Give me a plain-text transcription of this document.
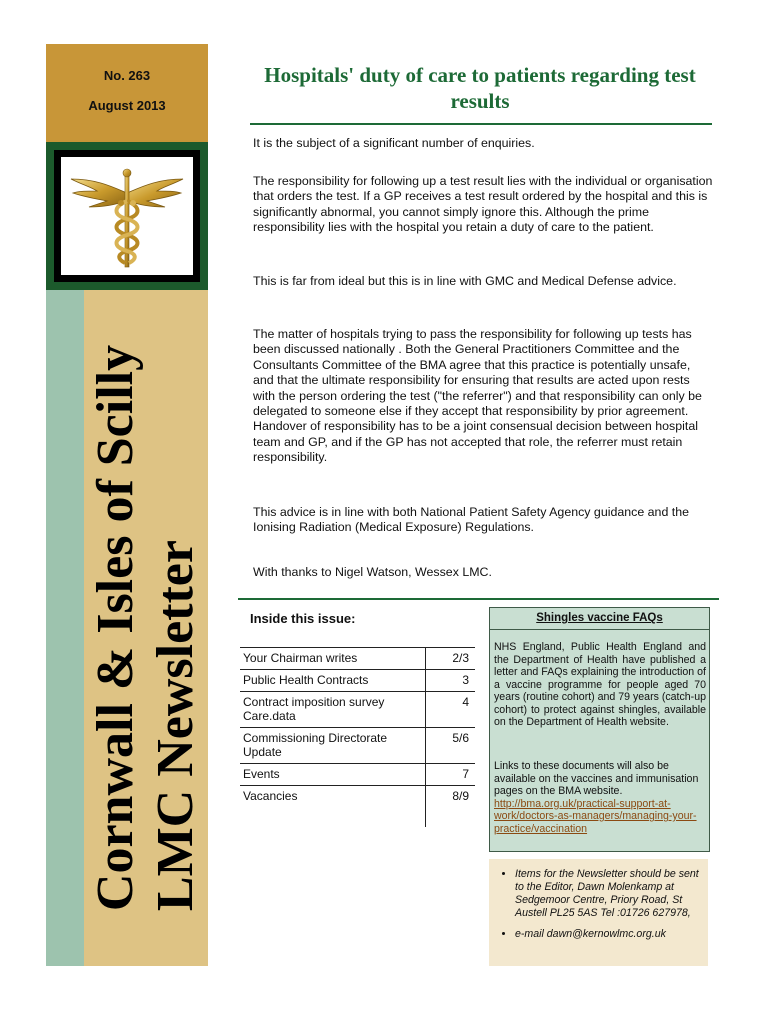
No. 263
August 2013
Cornwall & Isles of Scilly LMC Newsletter
Hospitals' duty of care to patients regarding test results

It is the subject of a significant number of enquiries.

The responsibility for following up a test result lies with the individual or organisation that orders the test. If a GP receives a test result ordered by the hospital and this is significantly abnormal, you cannot simply ignore this. Although the prime responsibility lies with the hospital you retain a duty of care to the patient.

This is far from ideal but this is in line with GMC and Medical Defense advice.

The matter of hospitals trying to pass the responsibility for following up tests has been discussed nationally . Both the General Practitioners Committee and the Consultants Committee of the BMA agree that this practice is potentially unsafe, and that the ultimate responsibility for ensuring that results are acted upon rests with the person ordering the test ("the referrer") and that responsibility can only be delegated to someone else if they accept that responsibility by prior agreement. Handover of responsibility has to be a joint consensual decision between hospital team and GP, and if the GP has not accepted that role, the referrer must retain responsibility.

This advice is in line with both National Patient Safety Agency guidance and the Ionising Radiation (Medical Exposure) Regulations.

With thanks to Nigel Watson, Wessex LMC.

Inside this issue:
Your Chairman writes	2/3
Public Health Contracts	3
Contract imposition survey Care.data	4
Commissioning Directorate Update	5/6
Events	7
Vacancies	8/9
Shingles vaccine FAQs
NHS England, Public Health England and the Department of Health have published a letter and FAQs explaining the introduction of a vaccine programme for people aged 70 years (routine cohort) and 79 years (catch-up cohort) to protect against shingles, available on the Department of Health website.
Links to these documents will also be available on the vaccines and immunisation pages on the BMA website.
http://bma.org.uk/practical-support-at-work/doctors-as-managers/managing-your-practice/vaccination
• Items for the Newsletter should be sent to the Editor, Dawn Molenkamp at Sedgemoor Centre, Priory Road, St Austell PL25 5AS Tel :01726 627978,
• e-mail dawn@kernowlmc.org.uk
